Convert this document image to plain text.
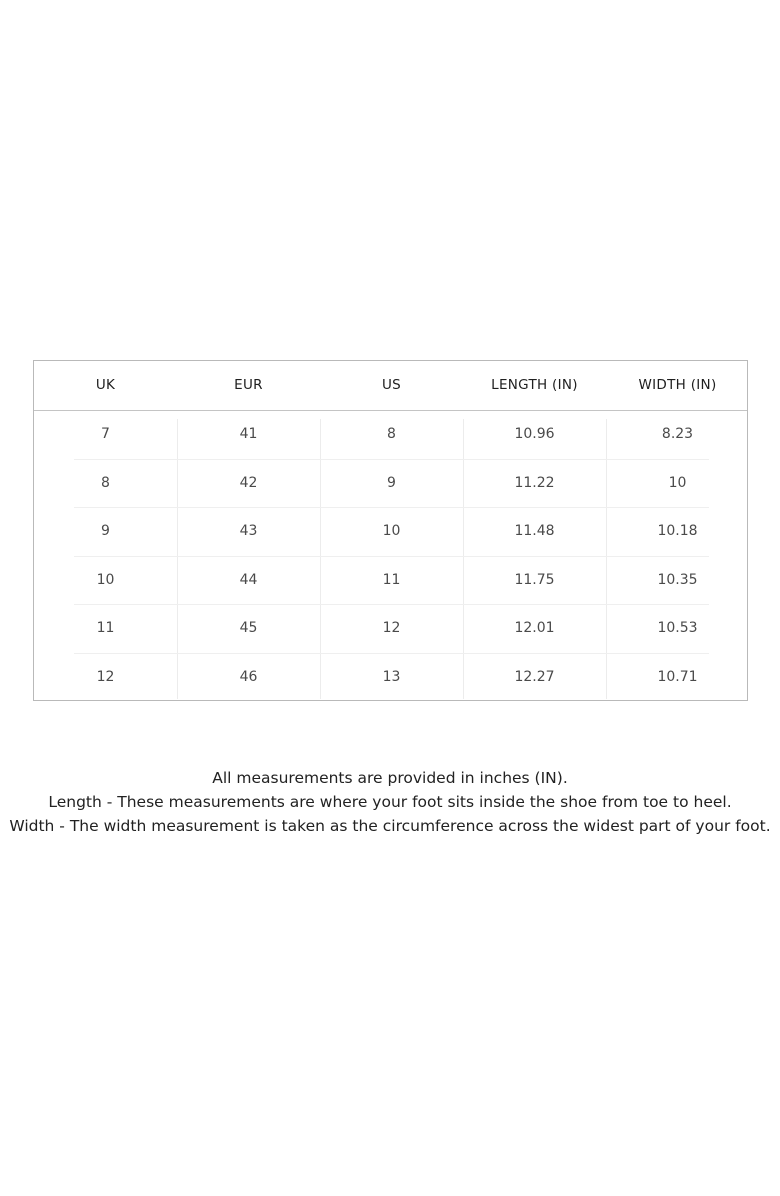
UK	EUR	US	LENGTH (IN)	WIDTH (IN)
7	41	8	10.96	8.23
8	42	9	11.22	10
9	43	10	11.48	10.18
10	44	11	11.75	10.35
11	45	12	12.01	10.53
12	46	13	12.27	10.71
All measurements are provided in inches (IN).
Length - These measurements are where your foot sits inside the shoe from toe to heel.
Width - The width measurement is taken as the circumference across the widest part of your foot.
